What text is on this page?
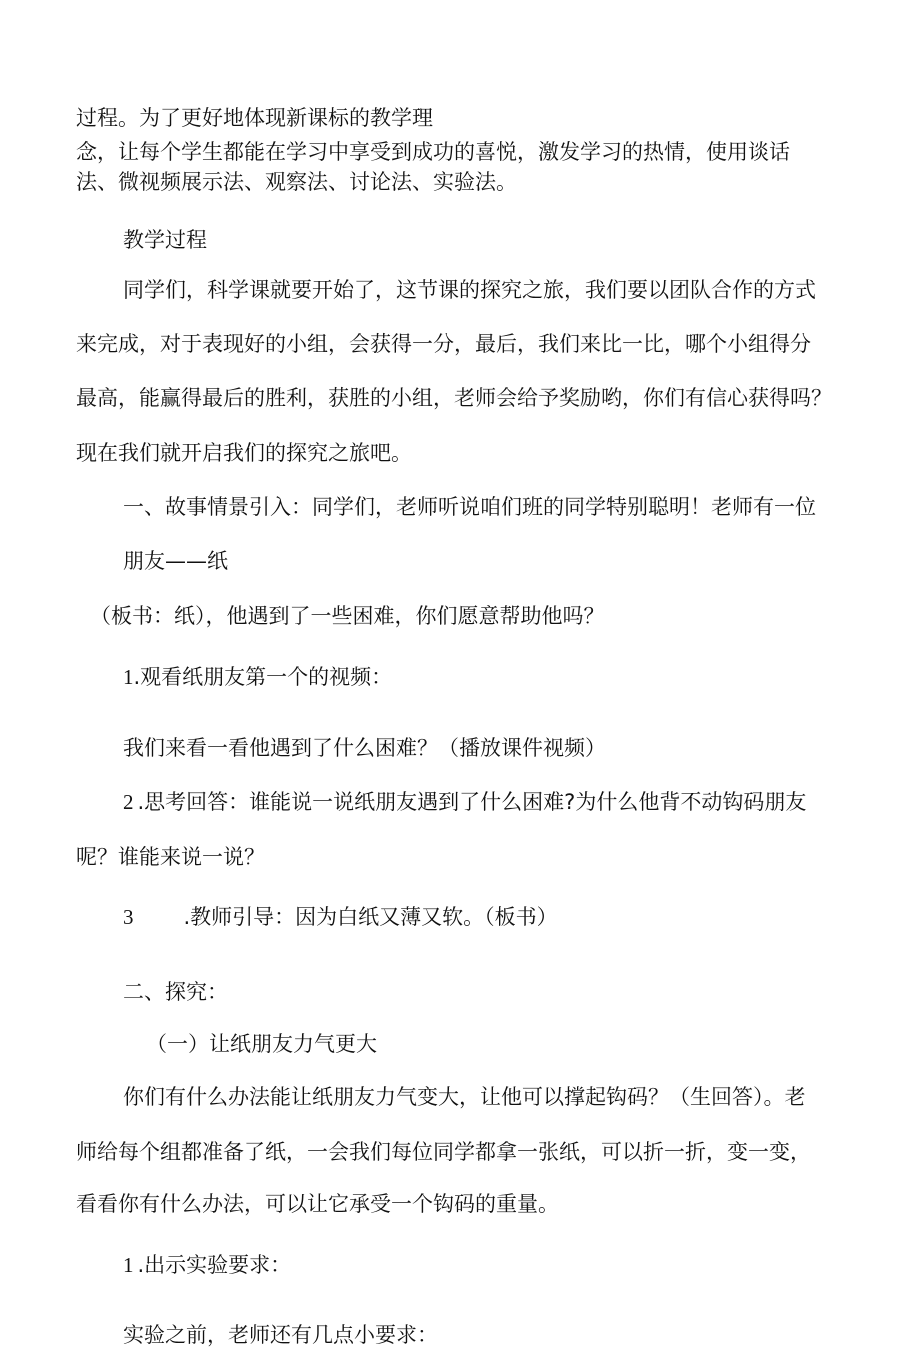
过程。为了更好地体现新课标的教学理

念，让每个学生都能在学习中享受到成功的喜悦，激发学习的热情，使用谈话

法、微视频展示法、观察法、讨论法、实验法。

教学过程

同学们，科学课就要开始了，这节课的探究之旅，我们要以团队合作的方式

来完成，对于表现好的小组，会获得一分，最后，我们来比一比，哪个小组得分

最高，能赢得最后的胜利，获胜的小组，老师会给予奖励哟，你们有信心获得吗？

现在我们就开启我们的探究之旅吧。

一、故事情景引入：同学们，老师听说咱们班的同学特别聪明！老师有一位

朋友——纸

（板书：纸），他遇到了一些困难，你们愿意帮助他吗？

1.观看纸朋友第一个的视频：

我们来看一看他遇到了什么困难？（播放课件视频）

2 .思考回答：谁能说一说纸朋友遇到了什么困难?为什么他背不动钩码朋友

呢？谁能来说一说？

3 .教师引导：因为白纸又薄又软。（板书）

二、探究：

（一）让纸朋友力气更大

你们有什么办法能让纸朋友力气变大，让他可以撑起钩码？（生回答）。老

师给每个组都准备了纸，一会我们每位同学都拿一张纸，可以折一折，变一变，

看看你有什么办法，可以让它承受一个钩码的重量。

1 .出示实验要求：

实验之前，老师还有几点小要求：
